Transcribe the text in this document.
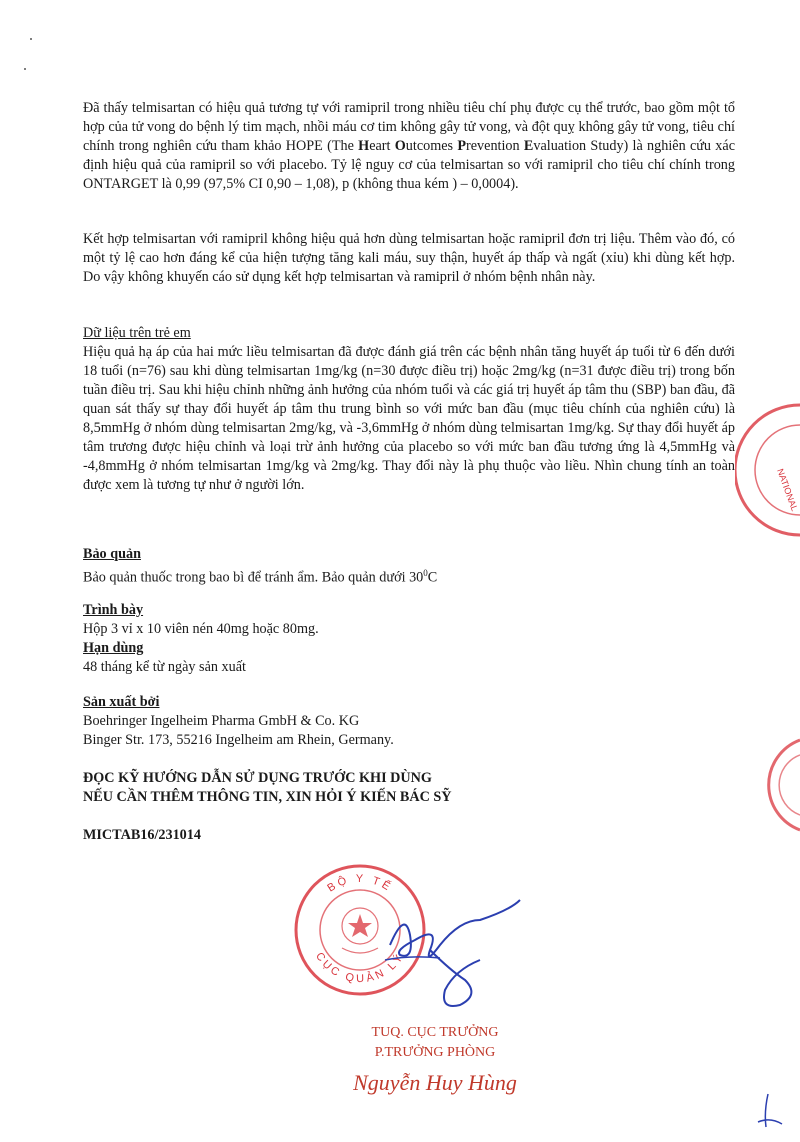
Đã thấy telmisartan có hiệu quả tương tự với ramipril trong nhiều tiêu chí phụ được cụ thể trước, bao gồm một tổ hợp của tử vong do bệnh lý tim mạch, nhồi máu cơ tim không gây tử vong, và đột quỵ không gây tử vong, tiêu chí chính trong nghiên cứu tham khảo HOPE (The Heart Outcomes Prevention Evaluation Study) là nghiên cứu xác định hiệu quả của ramipril so với placebo. Tỷ lệ nguy cơ của telmisartan so với ramipril cho tiêu chí chính trong ONTARGET là 0,99 (97,5% CI 0,90 – 1,08), p (không thua kém ) – 0,0004).

Kết hợp telmisartan với ramipril không hiệu quả hơn dùng telmisartan hoặc ramipril đơn trị liệu. Thêm vào đó, có một tỷ lệ cao hơn đáng kể của hiện tượng tăng kali máu, suy thận, huyết áp thấp và ngất (xỉu) khi dùng kết hợp. Do vậy không khuyến cáo sử dụng kết hợp telmisartan và ramipril ở nhóm bệnh nhân này.

Dữ liệu trên trẻ em

Hiệu quả hạ áp của hai mức liều telmisartan đã được đánh giá trên các bệnh nhân tăng huyết áp tuổi từ 6 đến dưới 18 tuổi (n=76) sau khi dùng telmisartan 1mg/kg (n=30 được điều trị) hoặc 2mg/kg (n=31 được điều trị) trong bốn tuần điều trị. Sau khi hiệu chỉnh những ảnh hưởng của nhóm tuổi và các giá trị huyết áp tâm thu (SBP) ban đầu, đã quan sát thấy sự thay đổi huyết áp tâm thu trung bình so với mức ban đầu (mục tiêu chính của nghiên cứu) là 8,5mmHg ở nhóm dùng telmisartan 2mg/kg, và -3,6mmHg ở nhóm dùng telmisartan 1mg/kg. Sự thay đổi huyết áp tâm trương được hiệu chỉnh và loại trừ ảnh hưởng của placebo so với mức ban đầu tương ứng là 4,5mmHg và -4,8mmHg ở nhóm telmisartan 1mg/kg và 2mg/kg. Thay đổi này là phụ thuộc vào liều. Nhìn chung tính an toàn được xem là tương tự như ở người lớn.

Bảo quản

Bảo quản thuốc trong bao bì để tránh ẩm. Bảo quản dưới $30^0C$

Trình bày

Hộp 3 vỉ x 10 viên nén 40mg hoặc 80mg.

Hạn dùng

48 tháng kể từ ngày sản xuất

Sản xuất bởi

Boehringer Ingelheim Pharma GmbH & Co. KG

Binger Str. 173, 55216 Ingelheim am Rhein, Germany.

ĐỌC KỸ HƯỚNG DẪN SỬ DỤNG TRƯỚC KHI DÙNG

NẾU CẦN THÊM THÔNG TIN, XIN HỎI Ý KIẾN BÁC SỸ

MICTAB16/231014

BỘ Y TẾ
CỤC QUẢN LÝ
TUQ. CỤC TRƯỞNG
P.TRƯỞNG PHÒNG
Nguyễn Huy Hùng
NATIONAL
